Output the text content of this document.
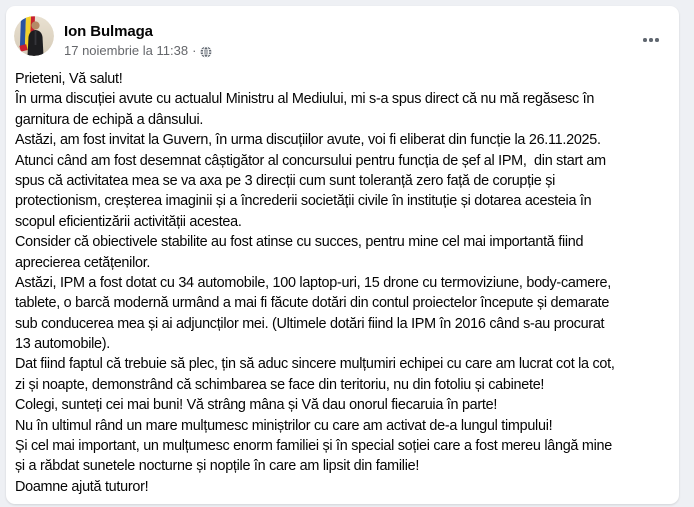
Ion Bulmaga
17 noiembrie la 11:38 ·
Prieteni, Vă salut!
În urma discuției avute cu actualul Ministru al Mediului, mi s-a spus direct că nu mă regăsesc în
garnitura de echipă a dânsului.
Astăzi, am fost invitat la Guvern, în urma discuțiilor avute, voi fi eliberat din funcție la 26.11.2025.
Atunci când am fost desemnat câștigător al concursului pentru funcția de șef al IPM,  din start am
spus că activitatea mea se va axa pe 3 direcții cum sunt toleranță zero față de corupție și
protectionism, creșterea imaginii și a încrederii societății civile în instituție și dotarea acesteia în
scopul eficientizării activității acestea.
Consider că obiectivele stabilite au fost atinse cu succes, pentru mine cel mai importantă fiind
aprecierea cetățenilor.
Astăzi, IPM a fost dotat cu 34 automobile, 100 laptop-uri, 15 drone cu termoviziune, body-camere,
tablete, o barcă modernă urmând a mai fi făcute dotări din contul proiectelor începute și demarate
sub conducerea mea și ai adjuncților mei. (Ultimele dotări fiind la IPM în 2016 când s-au procurat
13 automobile).
Dat fiind faptul că trebuie să plec, țin să aduc sincere mulțumiri echipei cu care am lucrat cot la cot,
zi și noapte, demonstrând că schimbarea se face din teritoriu, nu din fotoliu și cabinete!
Colegi, sunteți cei mai buni! Vă strâng mâna și Vă dau onorul fiecaruia în parte!
Nu în ultimul rând un mare mulțumesc miniștrilor cu care am activat de-a lungul timpului!
Și cel mai important, un mulțumesc enorm familiei și în special soției care a fost mereu lângă mine
și a răbdat sunetele nocturne și nopțile în care am lipsit din familie!
Doamne ajută tuturor!
